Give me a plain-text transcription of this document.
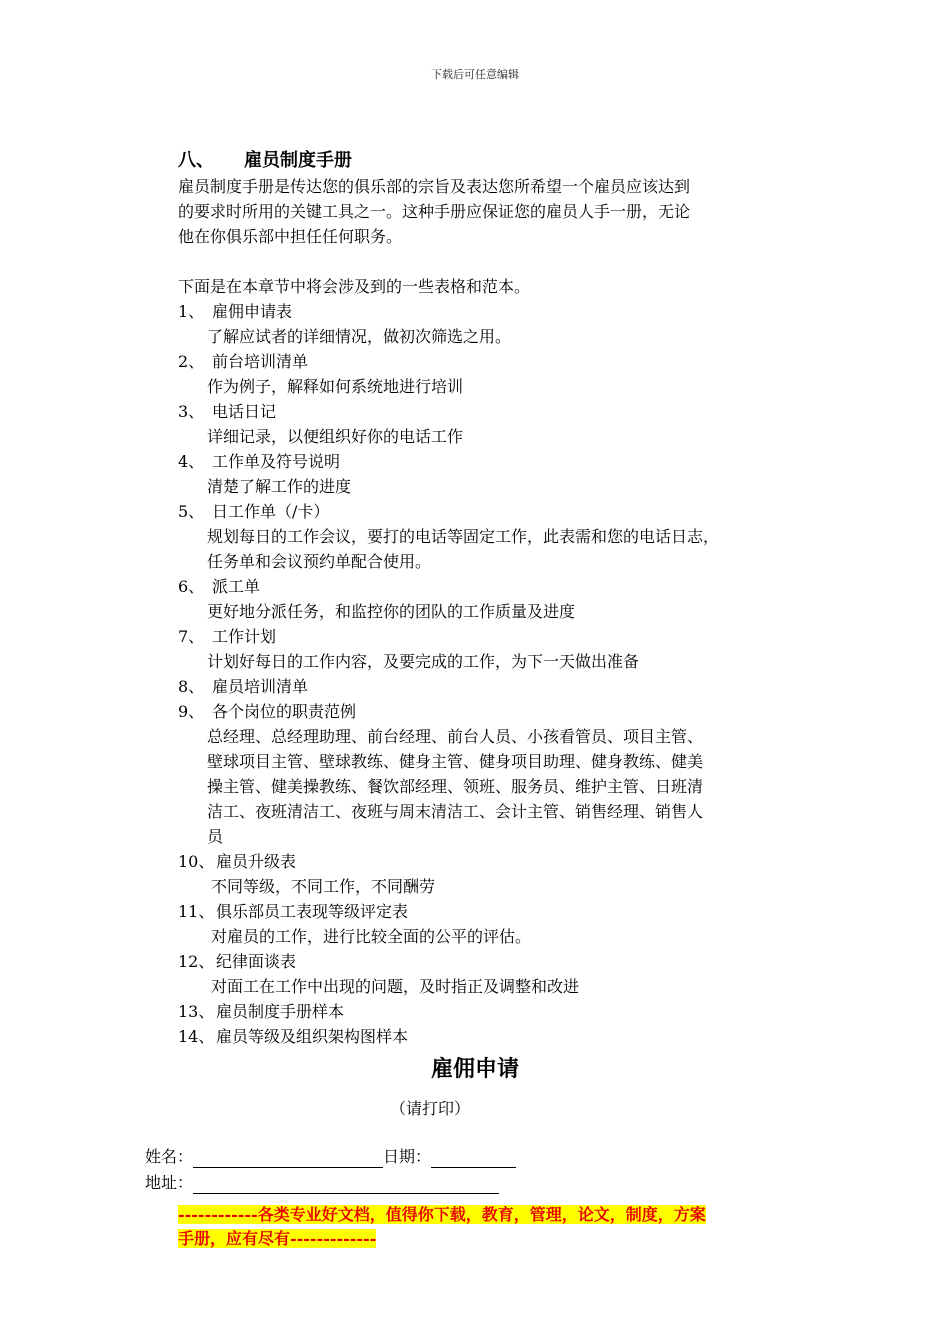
下载后可任意编辑
八、 雇员制度手册
雇员制度手册是传达您的俱乐部的宗旨及表达您所希望一个雇员应该达到
的要求时所用的关键工具之一。这种手册应保证您的雇员人手一册，无论
他在你俱乐部中担任任何职务。
下面是在本章节中将会涉及到的一些表格和范本。
1、 雇佣申请表
了解应试者的详细情况，做初次筛选之用。
2、 前台培训清单
作为例子，解释如何系统地进行培训
3、 电话日记
详细记录，以便组织好你的电话工作
4、 工作单及符号说明
清楚了解工作的进度
5、 日工作单（/卡）
规划每日的工作会议，要打的电话等固定工作，此表需和您的电话日志，
任务单和会议预约单配合使用。
6、 派工单
更好地分派任务，和监控你的团队的工作质量及进度
7、 工作计划
计划好每日的工作内容，及要完成的工作，为下一天做出准备
8、 雇员培训清单
9、 各个岗位的职责范例
总经理、总经理助理、前台经理、前台人员、小孩看管员、项目主管、
壁球项目主管、壁球教练、健身主管、健身项目助理、健身教练、健美
操主管、健美操教练、餐饮部经理、领班、服务员、维护主管、日班清
洁工、夜班清洁工、夜班与周末清洁工、会计主管、销售经理、销售人
员
10、 雇员升级表
不同等级，不同工作，不同酬劳
11、 俱乐部员工表现等级评定表
对雇员的工作，进行比较全面的公平的评估。
12、 纪律面谈表
对面工在工作中出现的问题，及时指正及调整和改进
13、 雇员制度手册样本
14、 雇员等级及组织架构图样本
雇佣申请
（请打印）
姓名：	日期：
地址：
------------各类专业好文档，值得你下载，教育，管理，论文，制度，方案
手册，应有尽有-------------
